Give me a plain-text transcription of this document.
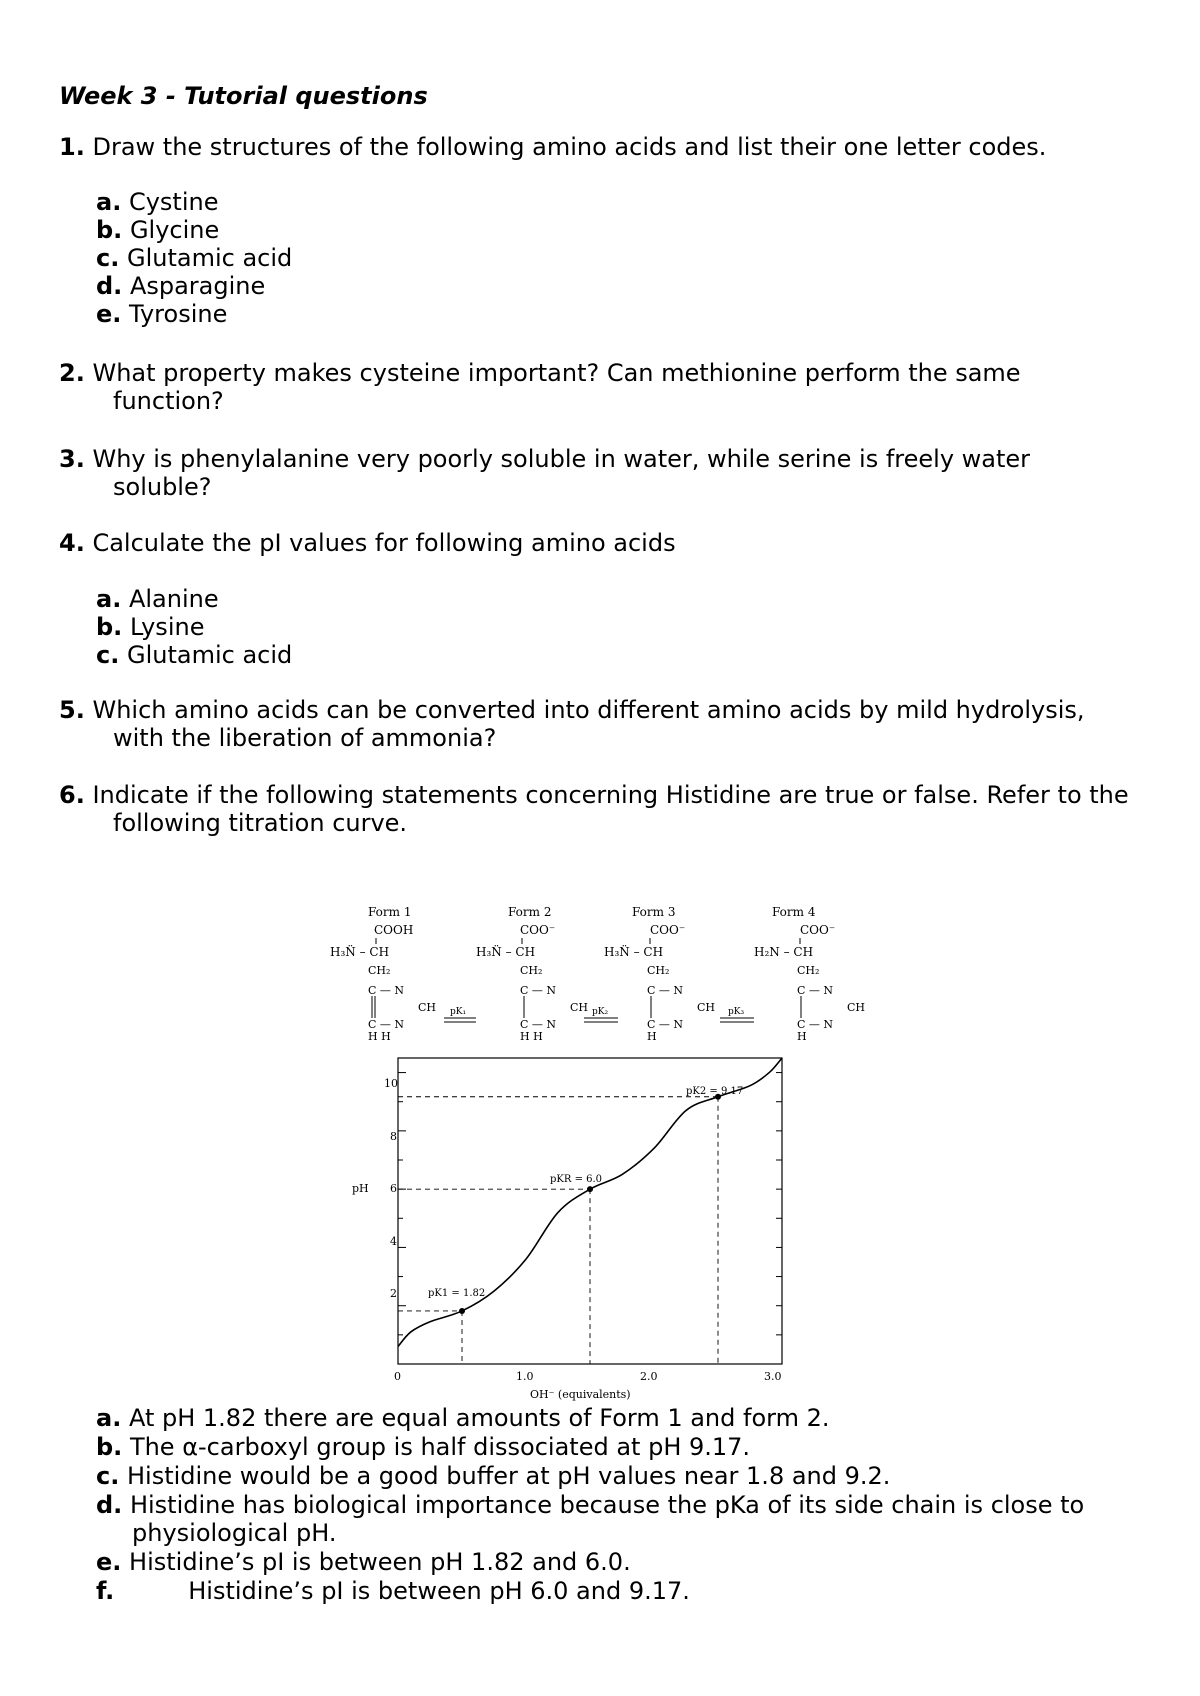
Week 3 - Tutorial questions
1. Draw the structures of the following amino acids and list their one letter codes.
a. Cystine
b. Glycine
c. Glutamic acid
d. Asparagine
e. Tyrosine
2. What property makes cysteine important? Can methionine perform the same
function?
3. Why is phenylalanine very poorly soluble in water, while serine is freely water
soluble?
4. Calculate the pI values for following amino acids
a. Alanine
b. Lysine
c. Glutamic acid
5. Which amino acids can be converted into different amino acids by mild hydrolysis,
with the liberation of ammonia?
6. Indicate if the following statements concerning Histidine are true or false. Refer to the
following titration curve.
Form 1	Form 2	Form 3	Form 4
COOH	COO⁻	COO⁻	COO⁻
H₃N̈ – CH	H₃N̈ – CH	H₃N̈ – CH	H₂N – CH
CH₂	CH₂	CH₂	CH₂
C — N	C — N	C — N	C — N
CH	CH	CH	CH
C — N	C — N	C — N	C — N
H H	H H	H	H
pK₁	pK₂	pK₃
10
8
6
4
2
pH
0	1.0	2.0	3.0
OH⁻ (equivalents)
pK1 = 1.82
pKR = 6.0
pK2 = 9.17
a. At pH 1.82 there are equal amounts of Form 1 and form 2.
b. The α-carboxyl group is half dissociated at pH 9.17.
c. Histidine would be a good buffer at pH values near 1.8 and 9.2.
d. Histidine has biological importance because the pKa of its side chain is close to
physiological pH.
e. Histidine’s pI is between pH 1.82 and 6.0.
f.	Histidine’s pI is between pH 6.0 and 9.17.
